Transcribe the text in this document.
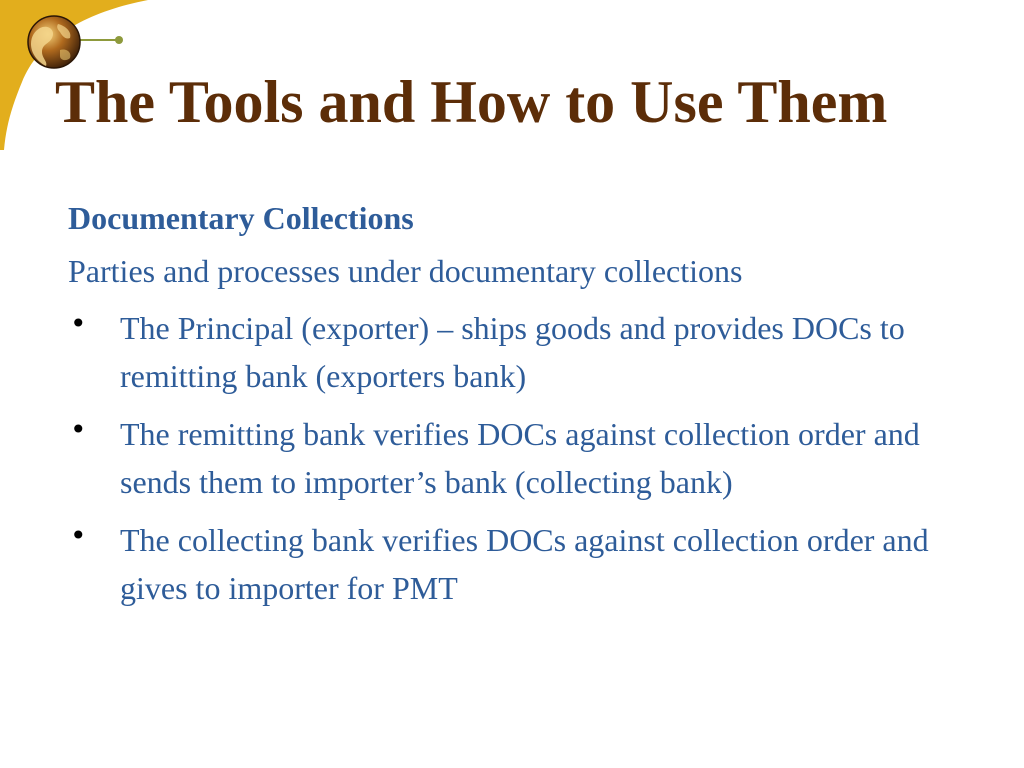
The Tools and How to Use Them

Documentary Collections

Parties and processes under documentary collections

• The Principal (exporter) – ships goods and provides DOCs to remitting bank (exporters bank)
• The remitting bank verifies DOCs against collection order and sends them to importer’s bank (collecting bank)
• The collecting bank verifies DOCs against collection order and gives to importer for PMT
